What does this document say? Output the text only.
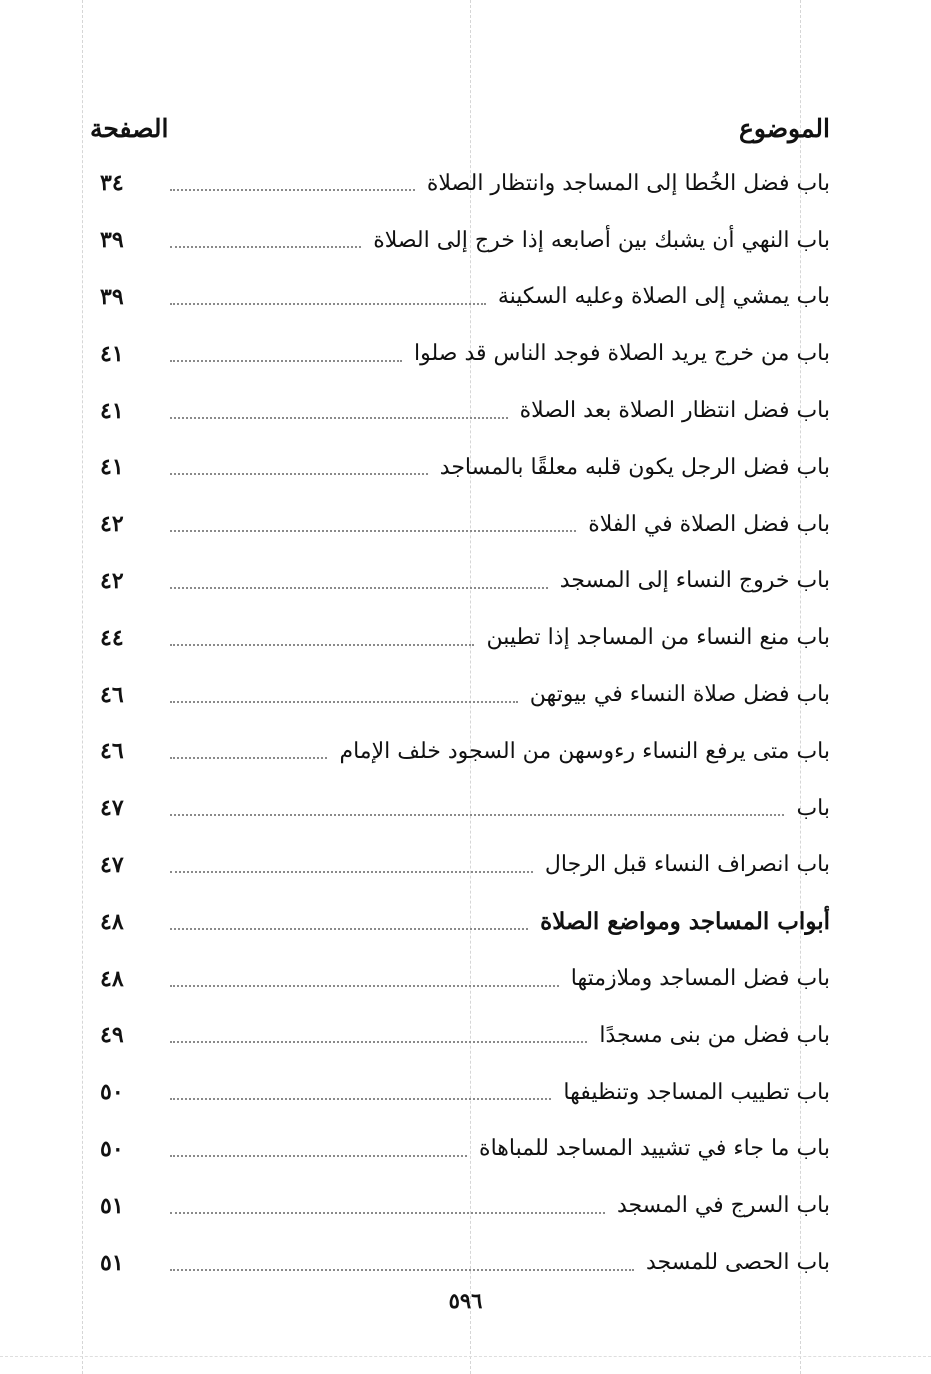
الموضوع
الصفحة
باب فضل الخُطا إلى المساجد وانتظار الصلاة
٣٤
باب النهي أن يشبك بين أصابعه إذا خرج إلى الصلاة
٣٩
باب يمشي إلى الصلاة وعليه السكينة
٣٩
باب من خرج يريد الصلاة فوجد الناس قد صلوا
٤١
باب فضل انتظار الصلاة بعد الصلاة
٤١
باب فضل الرجل يكون قلبه معلقًا بالمساجد
٤١
باب فضل الصلاة في الفلاة
٤٢
باب خروج النساء إلى المسجد
٤٢
باب منع النساء من المساجد إذا تطيبن
٤٤
باب فضل صلاة النساء في بيوتهن
٤٦
باب متى يرفع النساء رءوسهن من السجود خلف الإمام
٤٦
باب
٤٧
باب انصراف النساء قبل الرجال
٤٧
أبواب المساجد ومواضع الصلاة
٤٨
باب فضل المساجد وملازمتها
٤٨
باب فضل من بنى مسجدًا
٤٩
باب تطييب المساجد وتنظيفها
٥٠
باب ما جاء في تشييد المساجد للمباهاة
٥٠
باب السرج في المسجد
٥١
باب الحصى للمسجد
٥١
٥٩٦
